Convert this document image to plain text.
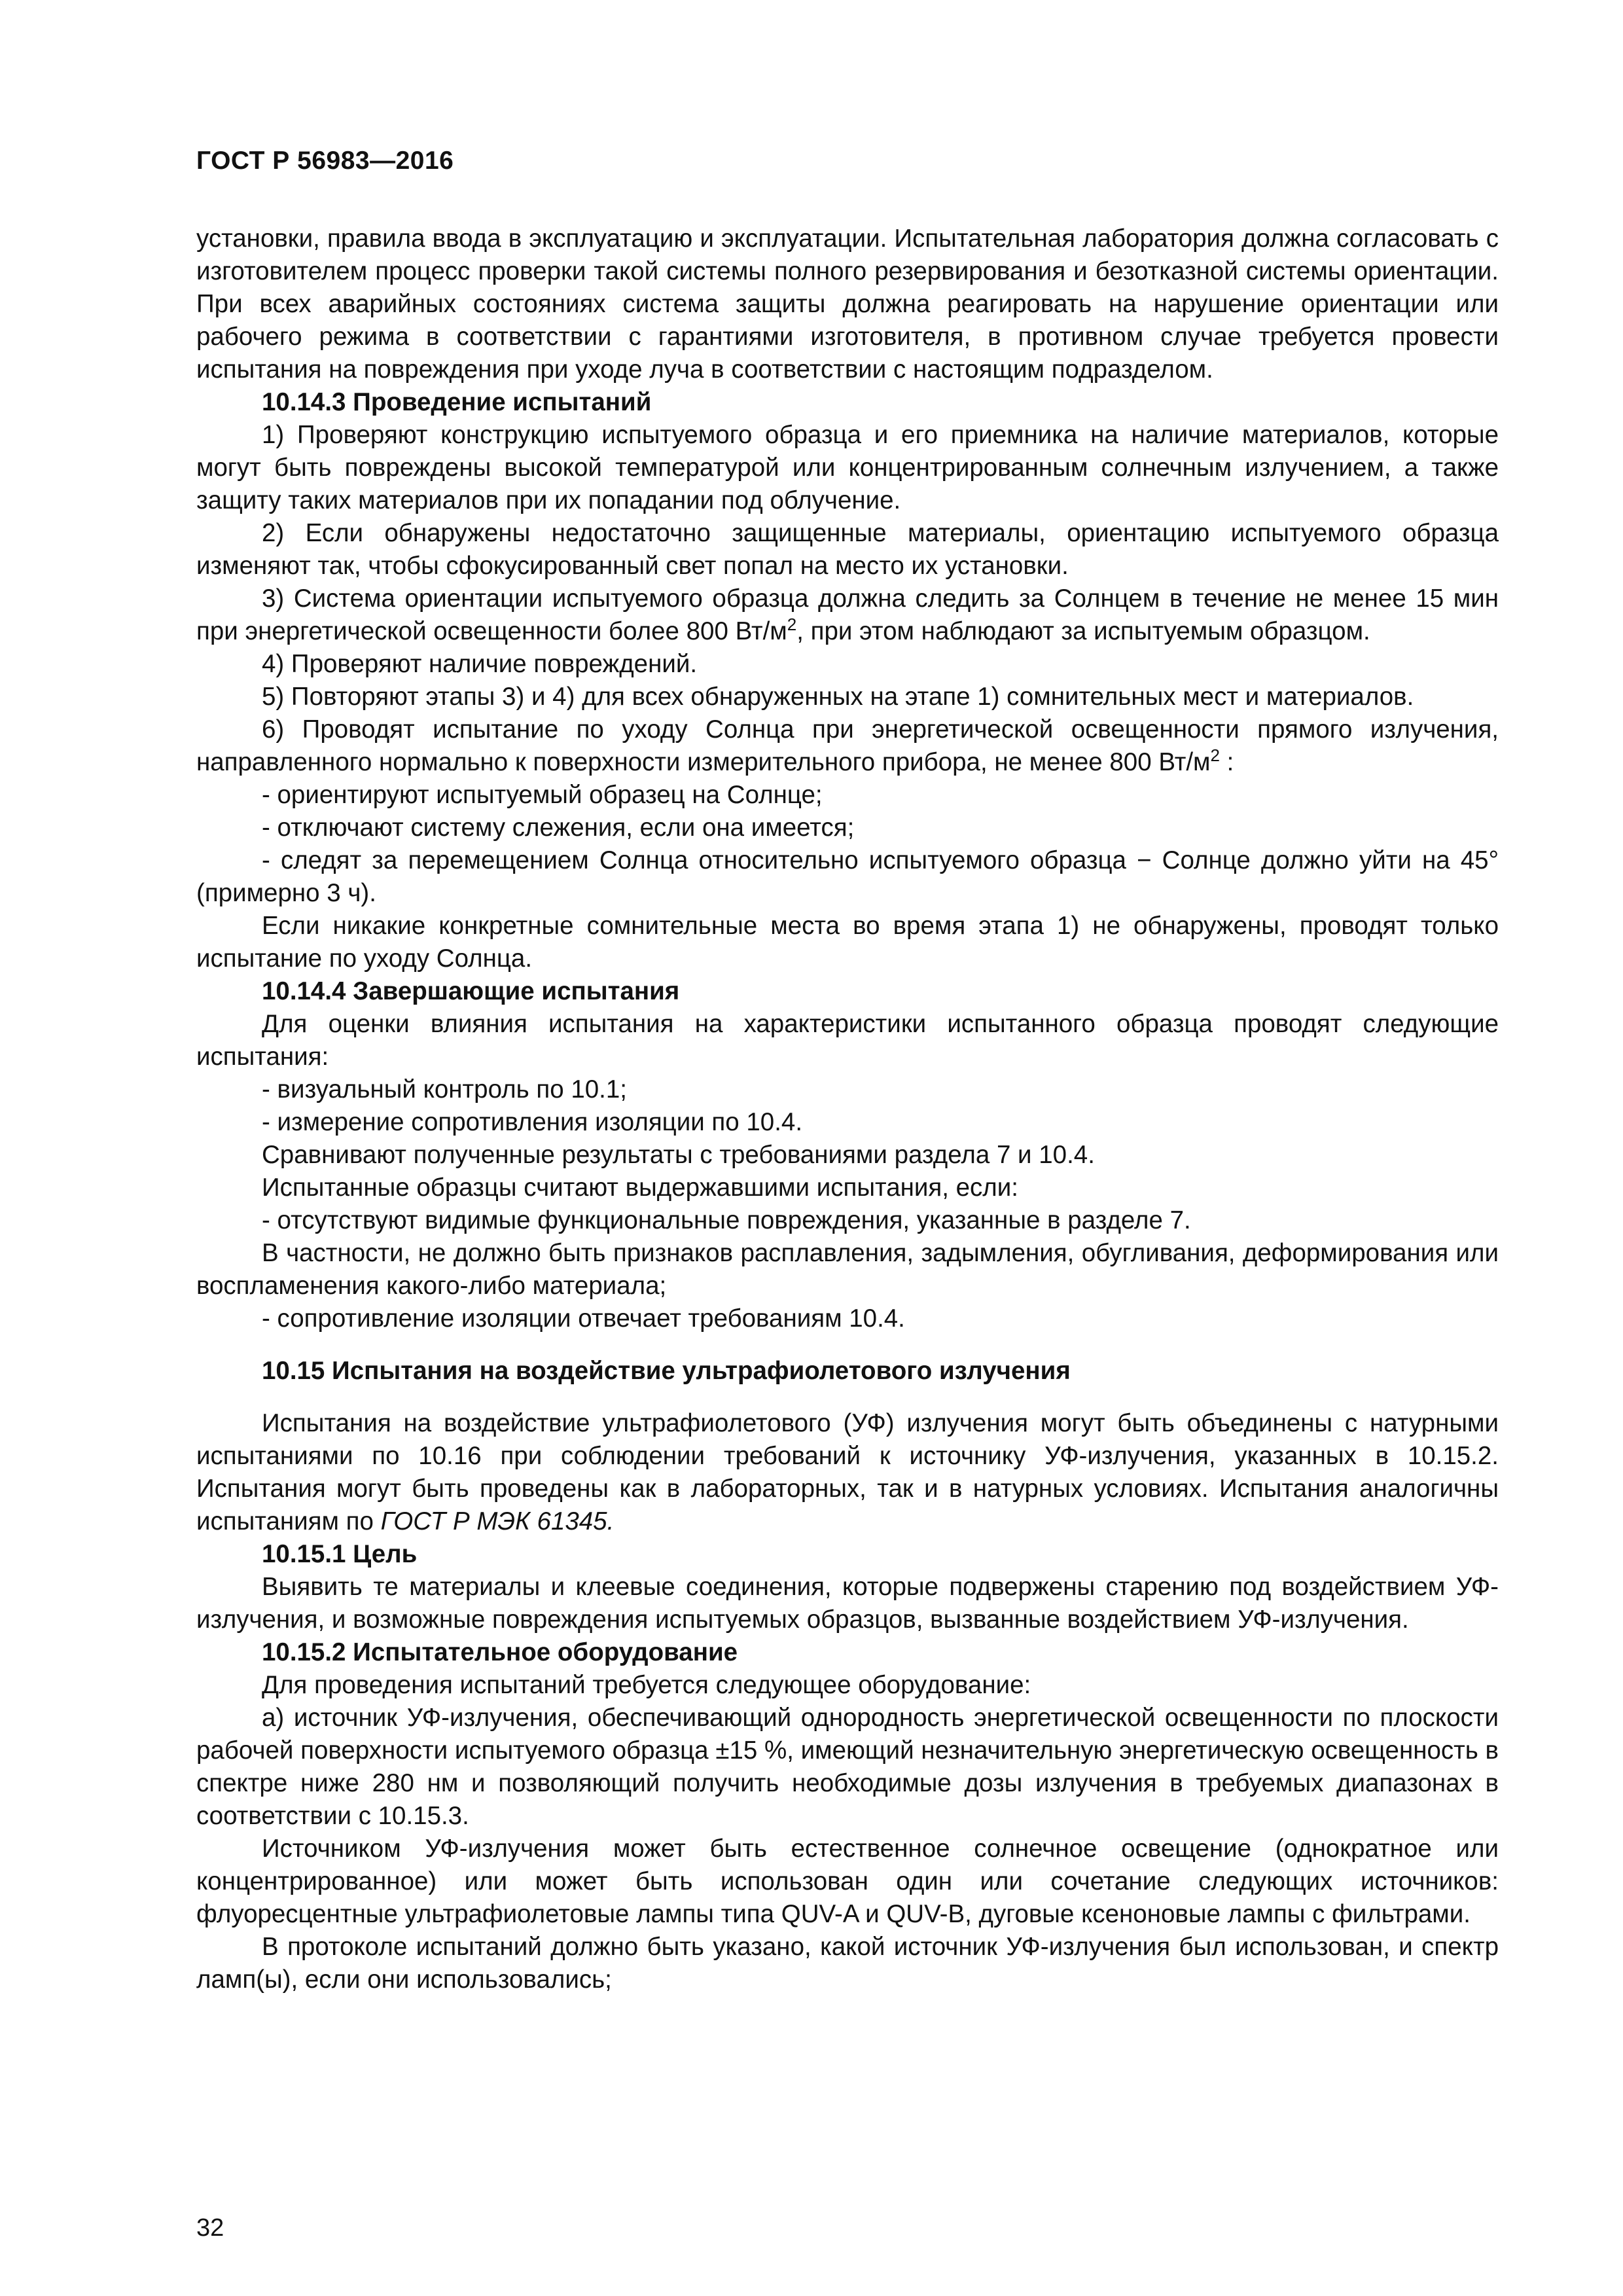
ГОСТ Р 56983—2016

установки, правила ввода в эксплуатацию и эксплуатации. Испытательная лаборатория должна согласовать с изготовителем процесс проверки такой системы полного резервирования и безотказной системы ориентации. При всех аварийных состояниях система защиты должна реагировать на нарушение ориентации или рабочего режима в соответствии с гарантиями изготовителя, в противном случае требуется провести испытания на повреждения при уходе луча в соответствии с настоящим подразделом.

10.14.3 Проведение испытаний

1) Проверяют конструкцию испытуемого образца и его приемника на наличие материалов, которые могут быть повреждены высокой температурой или концентрированным солнечным излучением, а также защиту таких материалов при их попадании под облучение.

2) Если обнаружены недостаточно защищенные материалы, ориентацию испытуемого образца изменяют так, чтобы сфокусированный свет попал на место их установки.

3) Система ориентации испытуемого образца должна следить за Солнцем в течение не менее 15 мин при энергетической освещенности более 800 $Вт/м^2$, при этом наблюдают за испытуемым образцом.

4) Проверяют наличие повреждений.

5) Повторяют этапы 3) и 4) для всех обнаруженных на этапе 1) сомнительных мест и материалов.

6) Проводят испытание по уходу Солнца при энергетической освещенности прямого излучения, направленного нормально к поверхности измерительного прибора, не менее 800 $Вт/м^2$ :

- ориентируют испытуемый образец на Солнце;

- отключают систему слежения, если она имеется;

- следят за перемещением Солнца относительно испытуемого образца − Солнце должно уйти на 45°(примерно 3 ч).

Если никакие конкретные сомнительные места во время этапа 1) не обнаружены, проводят только испытание по уходу Солнца.

10.14.4 Завершающие испытания

Для оценки влияния испытания на характеристики испытанного образца проводят следующие испытания:

- визуальный контроль по 10.1;

- измерение сопротивления изоляции по 10.4.

Сравнивают полученные результаты с требованиями раздела 7 и 10.4.

Испытанные образцы считают выдержавшими испытания, если:

- отсутствуют видимые функциональные повреждения, указанные в разделе 7.

В частности, не должно быть признаков расплавления, задымления, обугливания, деформирования или воспламенения какого-либо материала;

- сопротивление изоляции отвечает требованиям 10.4.

10.15 Испытания на воздействие ультрафиолетового излучения

Испытания на воздействие ультрафиолетового (УФ) излучения могут быть объединены с натурными испытаниями по 10.16 при соблюдении требований к источнику УФ-излучения, указанных в 10.15.2. Испытания могут быть проведены как в лабораторных, так и в натурных условиях. Испытания аналогичны испытаниям по ГОСТ Р МЭК 61345.

10.15.1 Цель

Выявить те материалы и клеевые соединения, которые подвержены старению под воздействием УФ-излучения, и возможные повреждения испытуемых образцов, вызванные воздействием УФ-излучения.

10.15.2 Испытательное оборудование

Для проведения испытаний требуется следующее оборудование:

а) источник УФ-излучения, обеспечивающий однородность энергетической освещенности по плоскости рабочей поверхности испытуемого образца ±15 %, имеющий незначительную энергетическую освещенность в спектре ниже 280 нм и позволяющий получить необходимые дозы излучения в требуемых диапазонах в соответствии с 10.15.3.

Источником УФ-излучения может быть естественное солнечное освещение (однократное или концентрированное) или может быть использован один или сочетание следующих источников: флуоресцентные ультрафиолетовые лампы типа QUV-A и QUV-B, дуговые ксеноновые лампы с фильтрами.

В протоколе испытаний должно быть указано, какой источник УФ-излучения был использован, и спектр ламп(ы), если они использовались;

32
